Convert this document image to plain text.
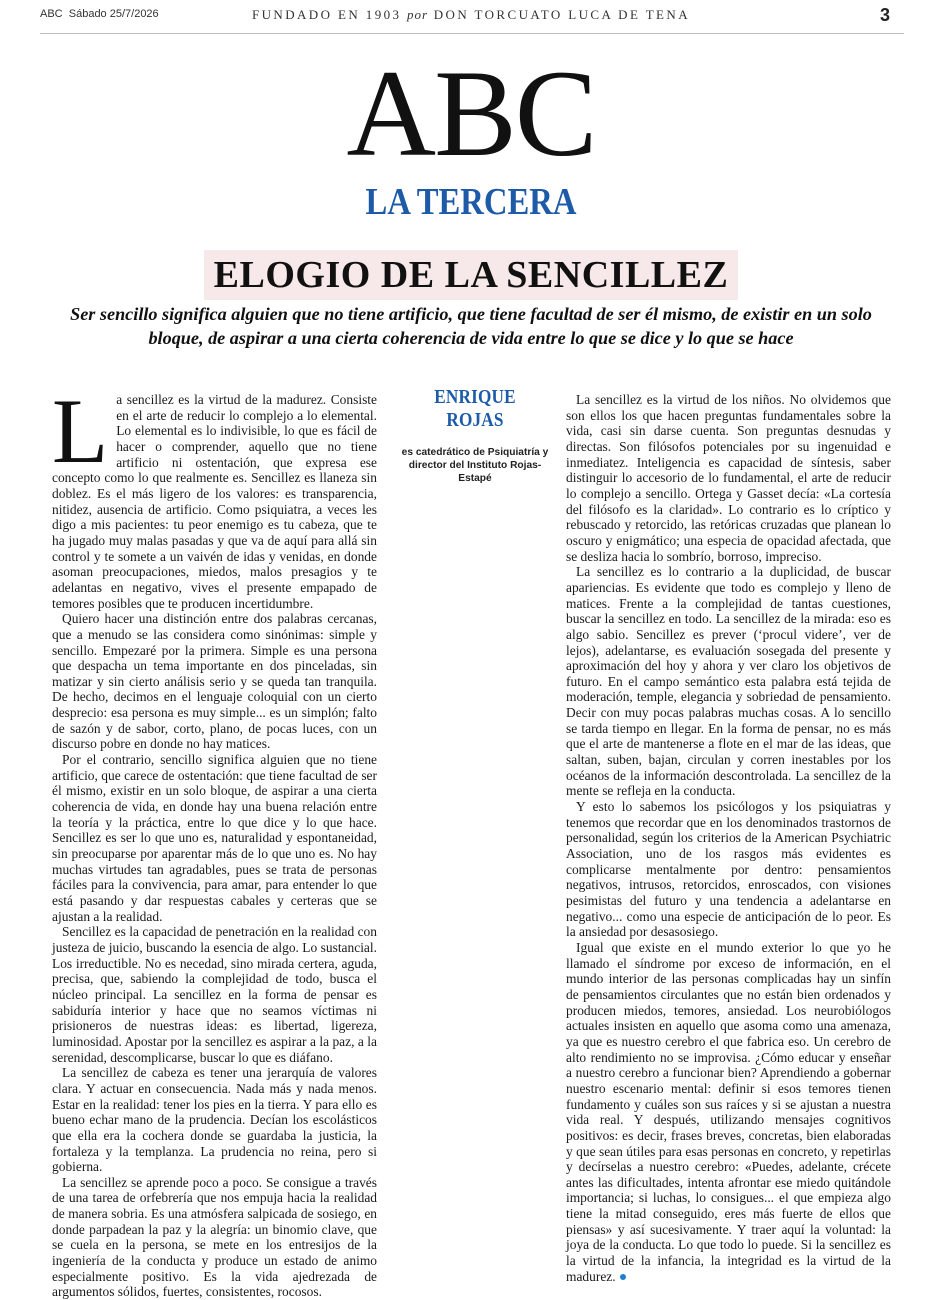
ABC Sábado 25/7/2026	FUNDADO EN 1903 por DON TORCUATO LUCA DE TENA	3
ABC
LA TERCERA
ELOGIO DE LA SENCILLEZ
Ser sencillo significa alguien que no tiene artificio, que tiene facultad de ser él mismo, de existir en un solo bloque, de aspirar a una cierta coherencia de vida entre lo que se dice y lo que se hace

La sencillez es la virtud de la madurez. Consiste en el arte de reducir lo complejo a lo elemental. Lo elemental es lo indivisible, lo que es fácil de hacer o comprender, aquello que no tiene artificio ni ostentación, que expresa ese concepto como lo que realmente es. Sencillez es llaneza sin doblez. Es el más ligero de los valores: es transparencia, nitidez, ausencia de artificio. Como psiquiatra, a veces les digo a mis pacientes: tu peor enemigo es tu cabeza, que te ha jugado muy malas pasadas y que va de aquí para allá sin control y te somete a un vaivén de idas y venidas, en donde asoman preocupaciones, miedos, malos presagios y te adelantas en negativo, vives el presente empapado de temores posibles que te producen incertidumbre.

Quiero hacer una distinción entre dos palabras cercanas, que a menudo se las considera como sinónimas: simple y sencillo. Empezaré por la primera. Simple es una persona que despacha un tema importante en dos pinceladas, sin matizar y sin cierto análisis serio y se queda tan tranquila. De hecho, decimos en el lenguaje coloquial con un cierto desprecio: esa persona es muy simple... es un simplón; falto de sazón y de sabor, corto, plano, de pocas luces, con un discurso pobre en donde no hay matices.

Por el contrario, sencillo significa alguien que no tiene artificio, que carece de ostentación: que tiene facultad de ser él mismo, existir en un solo bloque, de aspirar a una cierta coherencia de vida, en donde hay una buena relación entre la teoría y la práctica, entre lo que dice y lo que hace. Sencillez es ser lo que uno es, naturalidad y espontaneidad, sin preocuparse por aparentar más de lo que uno es. No hay muchas virtudes tan agradables, pues se trata de personas fáciles para la convivencia, para amar, para entender lo que está pasando y dar respuestas cabales y certeras que se ajustan a la realidad.

Sencillez es la capacidad de penetración en la realidad con justeza de juicio, buscando la esencia de algo. Lo sustancial. Los irreductible. No es necedad, sino mirada certera, aguda, precisa, que, sabiendo la complejidad de todo, busca el núcleo principal. La sencillez en la forma de pensar es sabiduría interior y hace que no seamos víctimas ni prisioneros de nuestras ideas: es libertad, ligereza, luminosidad. Apostar por la sencillez es aspirar a la paz, a la serenidad, descomplicarse, buscar lo que es diáfano.

La sencillez de cabeza es tener una jerarquía de valores clara. Y actuar en consecuencia. Nada más y nada menos. Estar en la realidad: tener los pies en la tierra. Y para ello es bueno echar mano de la prudencia. Decían los escolásticos que ella era la cochera donde se guardaba la justicia, la fortaleza y la templanza. La prudencia no reina, pero si gobierna.

La sencillez se aprende poco a poco. Se consigue a través de una tarea de orfebrería que nos empuja hacia la realidad de manera sobria. Es una atmósfera salpicada de sosiego, en donde parpadean la paz y la alegría: un binomio clave, que se cuela en la persona, se mete en los entresijos de la ingeniería de la conducta y produce un estado de animo especialmente positivo. Es la vida ajedrezada de argumentos sólidos, fuertes, consistentes, rocosos.

ENRIQUE ROJAS
es catedrático de Psiquiatría y director del Instituto Rojas-Estapé

La sencillez es la virtud de los niños. No olvidemos que son ellos los que hacen preguntas fundamentales sobre la vida, casi sin darse cuenta. Son preguntas desnudas y directas. Son filósofos potenciales por su ingenuidad e inmediatez. Inteligencia es capacidad de síntesis, saber distinguir lo accesorio de lo fundamental, el arte de reducir lo complejo a sencillo. Ortega y Gasset decía: «La cortesía del filósofo es la claridad». Lo contrario es lo críptico y rebuscado y retorcido, las retóricas cruzadas que planean lo oscuro y enigmático; una especia de opacidad afectada, que se desliza hacia lo sombrío, borroso, impreciso.

La sencillez es lo contrario a la duplicidad, de buscar apariencias. Es evidente que todo es complejo y lleno de matices. Frente a la complejidad de tantas cuestiones, buscar la sencillez en todo. La sencillez de la mirada: eso es algo sabio. Sencillez es prever (‘procul videre’, ver de lejos), adelantarse, es evaluación sosegada del presente y aproximación del hoy y ahora y ver claro los objetivos de futuro. En el campo semántico esta palabra está tejida de moderación, temple, elegancia y sobriedad de pensamiento. Decir con muy pocas palabras muchas cosas. A lo sencillo se tarda tiempo en llegar. En la forma de pensar, no es más que el arte de mantenerse a flote en el mar de las ideas, que saltan, suben, bajan, circulan y corren inestables por los océanos de la información descontrolada. La sencillez de la mente se refleja en la conducta.

Y esto lo sabemos los psicólogos y los psiquiatras y tenemos que recordar que en los denominados trastornos de personalidad, según los criterios de la American Psychiatric Association, uno de los rasgos más evidentes es complicarse mentalmente por dentro: pensamientos negativos, intrusos, retorcidos, enroscados, con visiones pesimistas del futuro y una tendencia a adelantarse en negativo... como una especie de anticipación de lo peor. Es la ansiedad por desasosiego.

Igual que existe en el mundo exterior lo que yo he llamado el síndrome por exceso de información, en el mundo interior de las personas complicadas hay un sinfín de pensamientos circulantes que no están bien ordenados y producen miedos, temores, ansiedad. Los neurobiólogos actuales insisten en aquello que asoma como una amenaza, ya que es nuestro cerebro el que fabrica eso. Un cerebro de alto rendimiento no se improvisa. ¿Cómo educar y enseñar a nuestro cerebro a funcionar bien? Aprendiendo a gobernar nuestro escenario mental: definir si esos temores tienen fundamento y cuáles son sus raíces y si se ajustan a nuestra vida real. Y después, utilizando mensajes cognitivos positivos: es decir, frases breves, concretas, bien elaboradas y que sean útiles para esas personas en concreto, y repetirlas y decírselas a nuestro cerebro: «Puedes, adelante, crécete antes las dificultades, intenta afrontar ese miedo quitándole importancia; si luchas, lo consigues... el que empieza algo tiene la mitad conseguido, eres más fuerte de ellos que piensas» y así sucesivamente. Y traer aquí la voluntad: la joya de la conducta. Lo que todo lo puede. Si la sencillez es la virtud de la infancia, la integridad es la virtud de la madurez.
